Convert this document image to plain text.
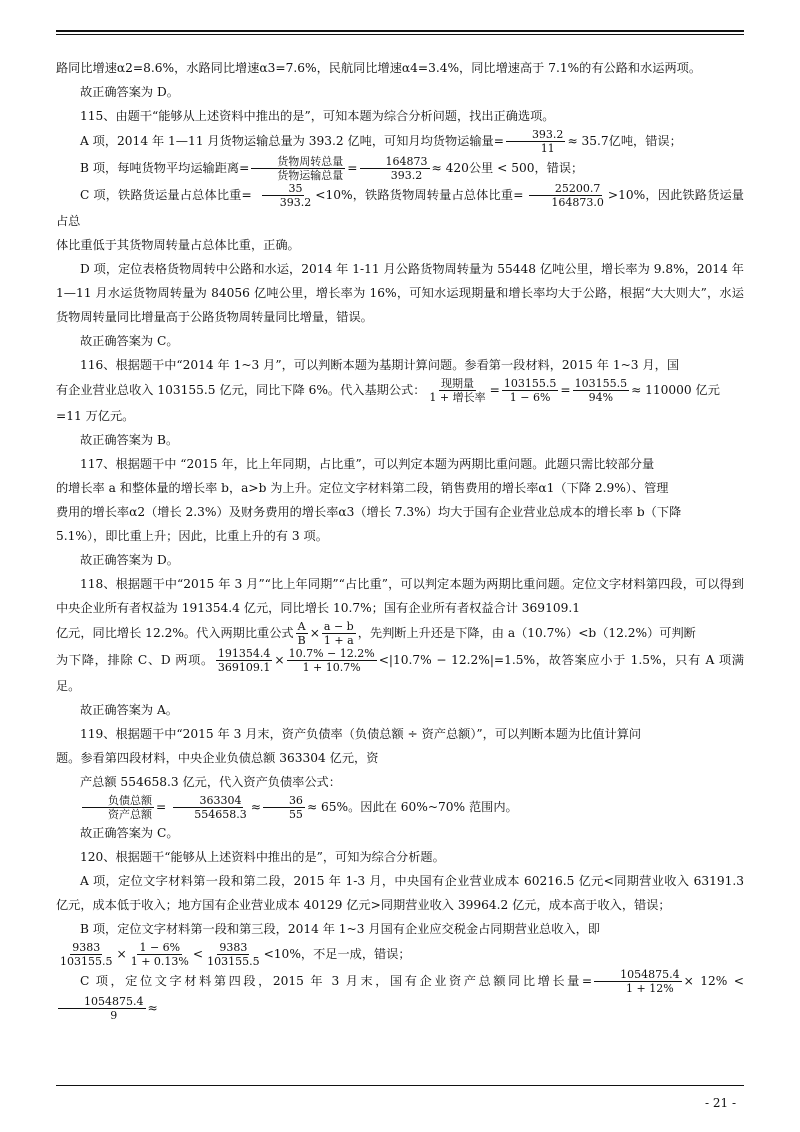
路同比增速α2=8.6%，水路同比增速α3=7.6%，民航同比增速α4=3.4%，同比增速高于 7.1%的有公路和水运两项。

故正确答案为 D。

115、由题干“能够从上述资料中推出的是”，可知本题为综合分析问题，找出正确选项。

A 项，2014 年 1—11 月货物运输总量为 393.2 亿吨，可知月均货物运输量= $\frac{393.2}{11} \approx 35.7$亿吨，错误；

B 项，每吨货物平均运输距离= $\frac{\text{货物周转总量}}{\text{货物运输总量}} = \frac{164873}{393.2} \approx 420$公里 < 500，错误；

C 项，铁路货运量占总体比重= $\frac{35}{393.2} <10\%$，铁路货物周转量占总体比重= $\frac{25200.7}{164873.0} >10\%$，因此铁路货运量占总

体比重低于其货物周转量占总体比重，正确。

D 项，定位表格货物周转中公路和水运，2014 年 1-11 月公路货物周转量为 55448 亿吨公里，增长率为 9.8%，2014 年 1—11 月水运货物周转量为 84056 亿吨公里，增长率为 16%，可知水运现期量和增长率均大于公路，根据“大大则大”，水运货物周转量同比增量高于公路货物周转量同比增量，错误。

故正确答案为 C。

116、根据题干中“2014 年 1~3 月”，可以判断本题为基期计算问题。参看第一段材料，2015 年 1~3 月，国

有企业营业总收入 103155.5 亿元，同比下降 6%。代入基期公式： $\frac{\text{现期量}}{\text{1 + 增长率}} = \frac{103155.5}{1 - 6\%} = \frac{103155.5}{94\%} \approx 110000$ 亿元

=11 万亿元。

故正确答案为 B。

117、根据题干中 “2015 年，比上年同期，占比重”，可以判定本题为两期比重问题。此题只需比较部分量

的增长率 a 和整体量的增长率 b，a>b 为上升。定位文字材料第二段，销售费用的增长率α1（下降 2.9%）、管理

费用的增长率α2（增长 2.3%）及财务费用的增长率α3（增长 7.3%）均大于国有企业营业总成本的增长率 b（下降

5.1%），即比重上升；因此，比重上升的有 3 项。

故正确答案为 D。

118、根据题干中“2015 年 3 月”“比上年同期”“占比重”，可以判定本题为两期比重问题。定位文字材料第四段，可以得到中央企业所有者权益为 191354.4 亿元，同比增长 10.7%；国有企业所有者权益合计 369109.1

亿元，同比增长 12.2%。代入两期比重公式 $\frac{A}{B} \times \frac{a - b}{1 + a}$ ，先判断上升还是下降，由 a（10.7%）<b（12.2%）可判断

为下降，排除 C、D 两项。 $\frac{191354.4}{369109.1} \times \frac{10.7\% - 12.2\%}{1 + 10.7\%} <|10.7\% - 12.2\%|=1.5\%$，故答案应小于 1.5%，只有 A 项满足。

故正确答案为 A。

119、根据题干中“2015 年 3 月末，资产负债率（负债总额 ÷ 资产总额）”，可以判断本题为比值计算问

题。参看第四段材料，中央企业负债总额 363304 亿元，资

产总额 554658.3 亿元，代入资产负债率公式：

$\frac{\text{负债总额}}{\text{资产总额}} = \frac{363304}{554658.3} \approx \frac{36}{55} \approx 65\%$。因此在 60%~70% 范围内。

故正确答案为 C。

120、根据题干“能够从上述资料中推出的是”，可知为综合分析题。

A 项，定位文字材料第一段和第二段，2015 年 1-3 月，中央国有企业营业成本 60216.5 亿元<同期营业收入 63191.3 亿元，成本低于收入；地方国有企业营业成本 40129 亿元>同期营业收入 39964.2 亿元，成本高于收入，错误；

B 项，定位文字材料第一段和第三段，2014 年 1~3 月国有企业应交税金占同期营业总收入，即

$\frac{9383}{103155.5} \times \frac{1 - 6\%}{1 + 0.13\%} < \frac{9383}{103155.5} <10\%$，不足一成，错误；

C 项，定位文字材料第四段，2015 年 3 月末，国有企业资产总额同比增长量= $\frac{1054875.4}{1 + 12\%} \times 12\%$ <
$\frac{1054875.4}{9}$ ≈

- 21 -
